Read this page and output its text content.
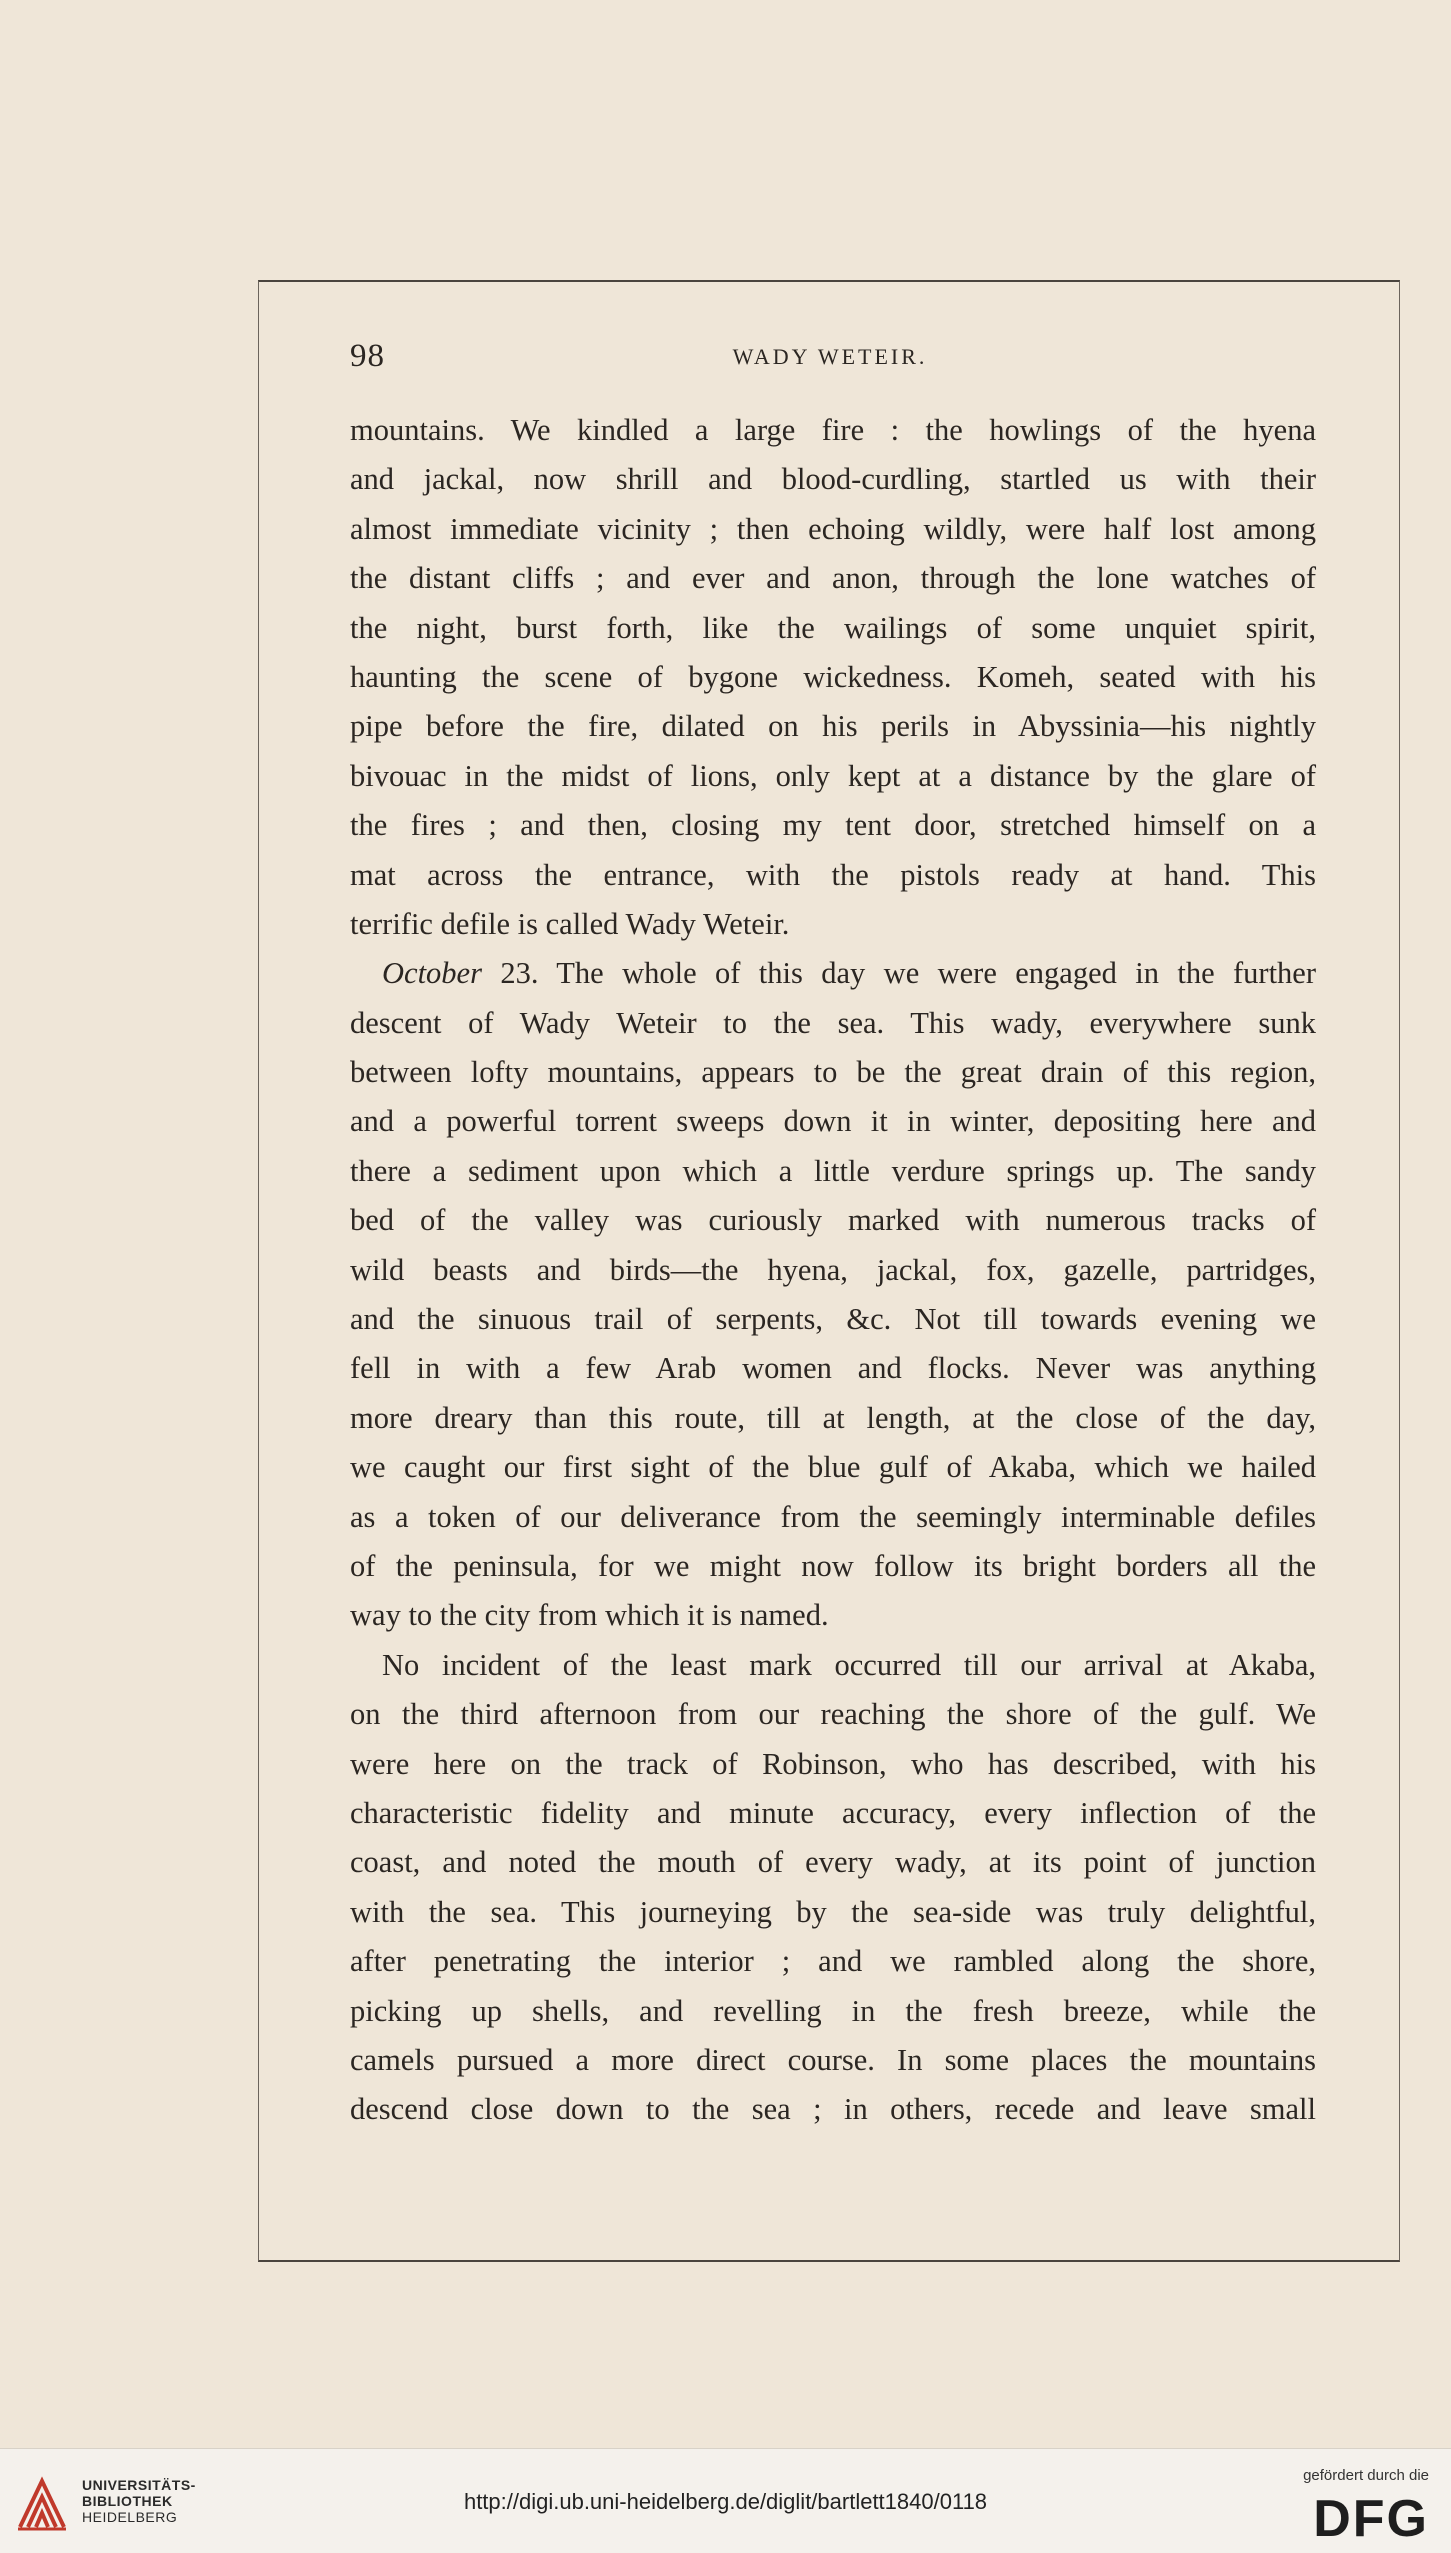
98	WADY WETEIR.
mountains. We kindled a large fire : the howlings of the hyena
and jackal, now shrill and blood-curdling, startled us with their
almost immediate vicinity ; then echoing wildly, were half lost among
the distant cliffs ; and ever and anon, through the lone watches of
the night, burst forth, like the wailings of some unquiet spirit,
haunting the scene of bygone wickedness. Komeh, seated with his
pipe before the fire, dilated on his perils in Abyssinia—his nightly
bivouac in the midst of lions, only kept at a distance by the glare of
the fires ; and then, closing my tent door, stretched himself on a
mat across the entrance, with the pistols ready at hand. This
terrific defile is called Wady Weteir.
October 23. The whole of this day we were engaged in the further
descent of Wady Weteir to the sea. This wady, everywhere sunk
between lofty mountains, appears to be the great drain of this region,
and a powerful torrent sweeps down it in winter, depositing here and
there a sediment upon which a little verdure springs up. The sandy
bed of the valley was curiously marked with numerous tracks of
wild beasts and birds—the hyena, jackal, fox, gazelle, partridges,
and the sinuous trail of serpents, &c. Not till towards evening we
fell in with a few Arab women and flocks. Never was anything
more dreary than this route, till at length, at the close of the day,
we caught our first sight of the blue gulf of Akaba, which we hailed
as a token of our deliverance from the seemingly interminable defiles
of the peninsula, for we might now follow its bright borders all the
way to the city from which it is named.
No incident of the least mark occurred till our arrival at Akaba,
on the third afternoon from our reaching the shore of the gulf. We
were here on the track of Robinson, who has described, with his
characteristic fidelity and minute accuracy, every inflection of the
coast, and noted the mouth of every wady, at its point of junction
with the sea. This journeying by the sea-side was truly delightful,
after penetrating the interior ; and we rambled along the shore,
picking up shells, and revelling in the fresh breeze, while the
camels pursued a more direct course. In some places the mountains
descend close down to the sea ; in others, recede and leave small
UNIVERSITÄTS-
BIBLIOTHEK
HEIDELBERG
http://digi.ub.uni-heidelberg.de/diglit/bartlett1840/0118
gefördert durch die
DFG
